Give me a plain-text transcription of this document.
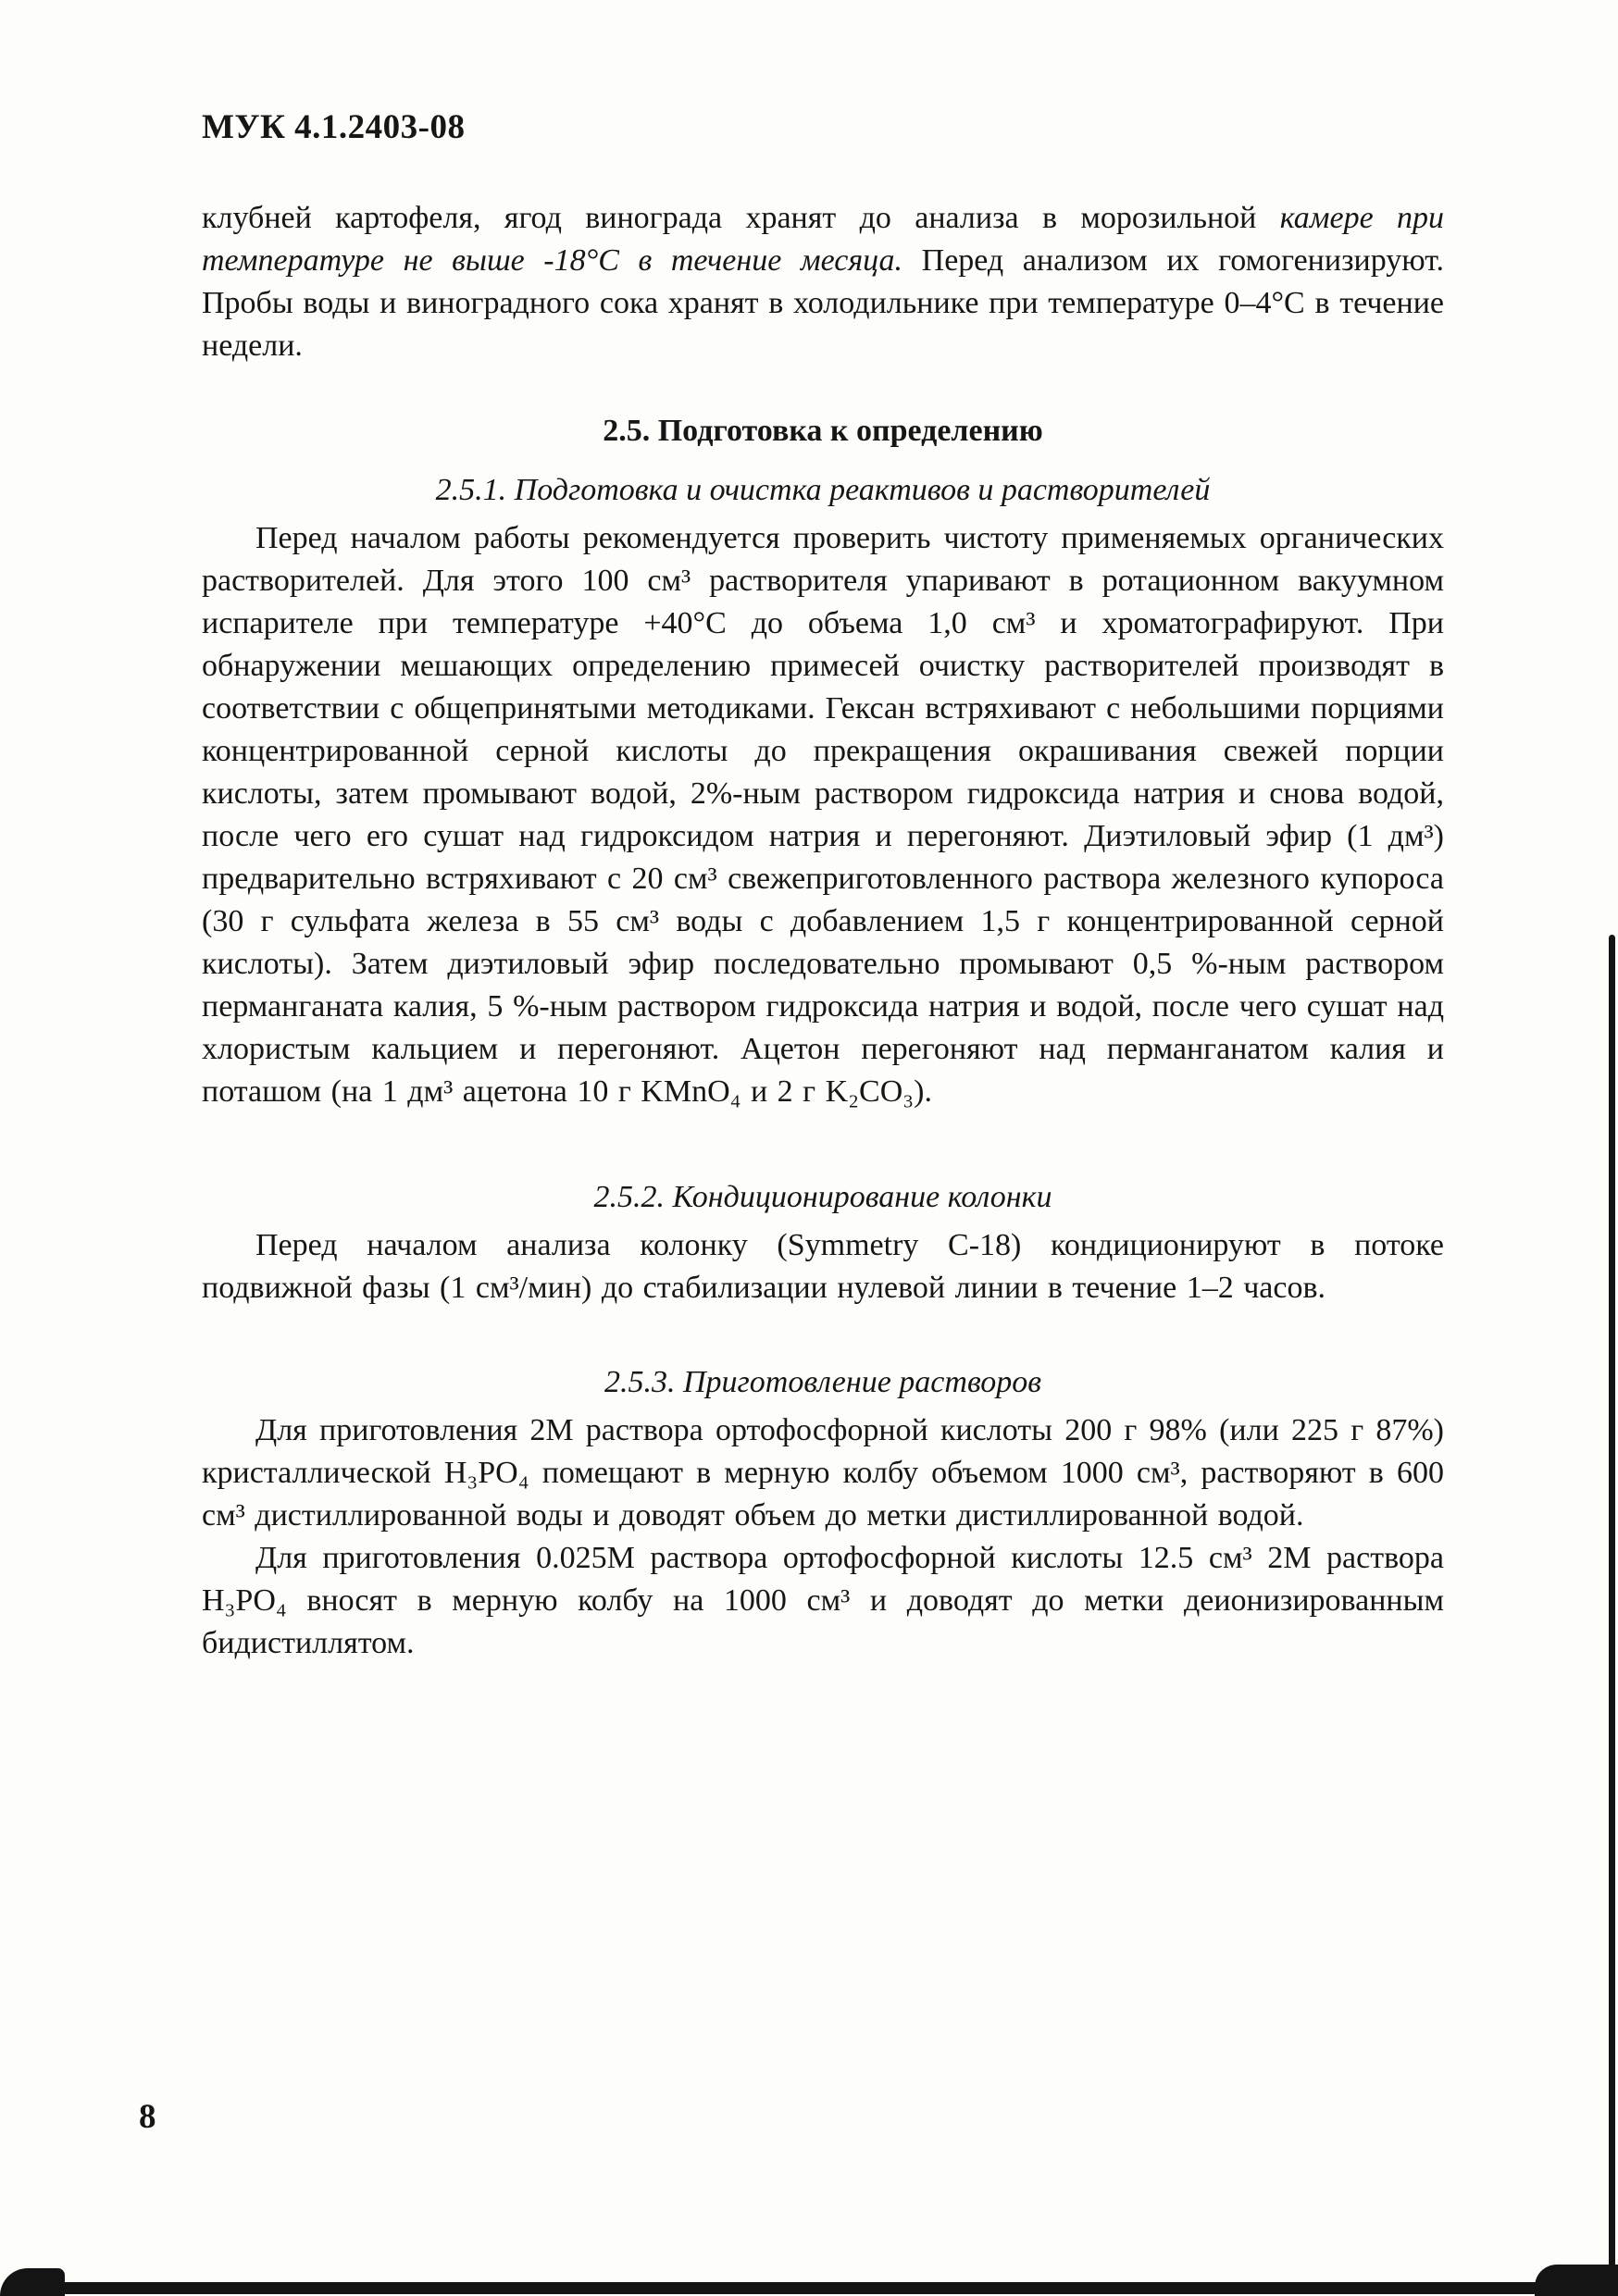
МУК 4.1.2403-08

клубней картофеля, ягод винограда хранят до анализа в морозильной камере при температуре не выше -18°С в течение месяца. Перед анализом их гомогенизируют. Пробы воды и виноградного сока хранят в холодильнике при температуре 0–4°С в течение недели.

2.5. Подготовка к определению
2.5.1. Подготовка и очистка реактивов и растворителей

Перед началом работы рекомендуется проверить чистоту применяемых органических растворителей. Для этого 100 см³ растворителя упаривают в ротационном вакуумном испарителе при температуре +40°С до объема 1,0 см³ и хроматографируют. При обнаружении мешающих определению примесей очистку растворителей производят в соответствии с общепринятыми методиками. Гексан встряхивают с небольшими порциями концентрированной серной кислоты до прекращения окрашивания свежей порции кислоты, затем промывают водой, 2%-ным раствором гидроксида натрия и снова водой, после чего его сушат над гидроксидом натрия и перегоняют. Диэтиловый эфир (1 дм³) предварительно встряхивают с 20 см³ свежеприготовленного раствора железного купороса (30 г сульфата железа в 55 см³ воды с добавлением 1,5 г концентрированной серной кислоты). Затем диэтиловый эфир последовательно промывают 0,5 %-ным раствором перманганата калия, 5 %-ным раствором гидроксида натрия и водой, после чего сушат над хлористым кальцием и перегоняют. Ацетон перегоняют над перманганатом калия и поташом (на 1 дм³ ацетона 10 г KMnO₄ и 2 г K₂CO₃).

2.5.2. Кондиционирование колонки

Перед началом анализа колонку (Symmetry C-18) кондиционируют в потоке подвижной фазы (1 см³/мин) до стабилизации нулевой линии в течение 1–2 часов.

2.5.3. Приготовление растворов

Для приготовления 2М раствора ортофосфорной кислоты 200 г 98% (или 225 г 87%) кристаллической H₃PO₄ помещают в мерную колбу объемом 1000 см³, растворяют в 600 см³ дистиллированной воды и доводят объем до метки дистиллированной водой.

Для приготовления 0.025М раствора ортофосфорной кислоты 12.5 см³ 2М раствора H₃PO₄ вносят в мерную колбу на 1000 см³ и доводят до метки деионизированным бидистиллятом.

8
